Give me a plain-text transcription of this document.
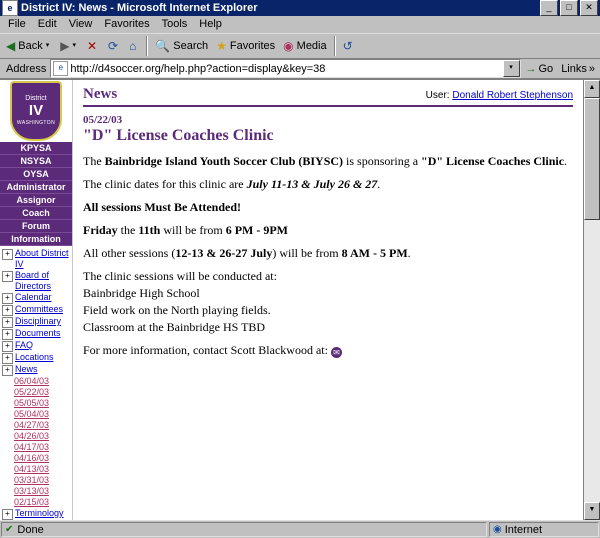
e District IV: News - Microsoft Internet Explorer	_	□	✕
File	Edit	View	Favorites	Tools	Help
◀ Back ▾ ▶ ▾ ✕ ⟳ ⌂ 🔍 Search ★ Favorites ◉ Media ↺
Address	e http://d4soccer.org/help.php?action=display&key=38	▾	→ Go Links »
District
IV
WASHINGTON
KPYSA
NSYSA
OYSA
Administrator
Assignor
Coach
Forum
Information
+ About District IV
+ Board of Directors
+ Calendar
+ Committees
+ Disciplinary
+ Documents
+ FAQ
+ Locations
+ News
06/04/03
05/22/03
05/05/03
05/04/03
04/27/03
04/26/03
04/17/03
04/16/03
04/13/03
03/31/03
03/13/03
02/15/03
+ Terminology
News	User: Donald Robert Stephenson
05/22/03
"D" License Coaches Clinic
The Bainbridge Island Youth Soccer Club (BIYSC) is sponsoring a "D" License Coaches Clinic.
The clinic dates for this clinic are July 11-13 & July 26 & 27.
All sessions Must Be Attended!
Friday the 11th will be from 6 PM - 9PM
All other sessions (12-13 & 26-27 July) will be from 8 AM - 5 PM.
The clinic sessions will be conducted at:
Bainbridge High School
Field work on the North playing fields.
Classroom at the Bainbridge HS TBD
For more information, contact Scott Blackwood at: ✉
▲
▼
✔ Done	◉ Internet
